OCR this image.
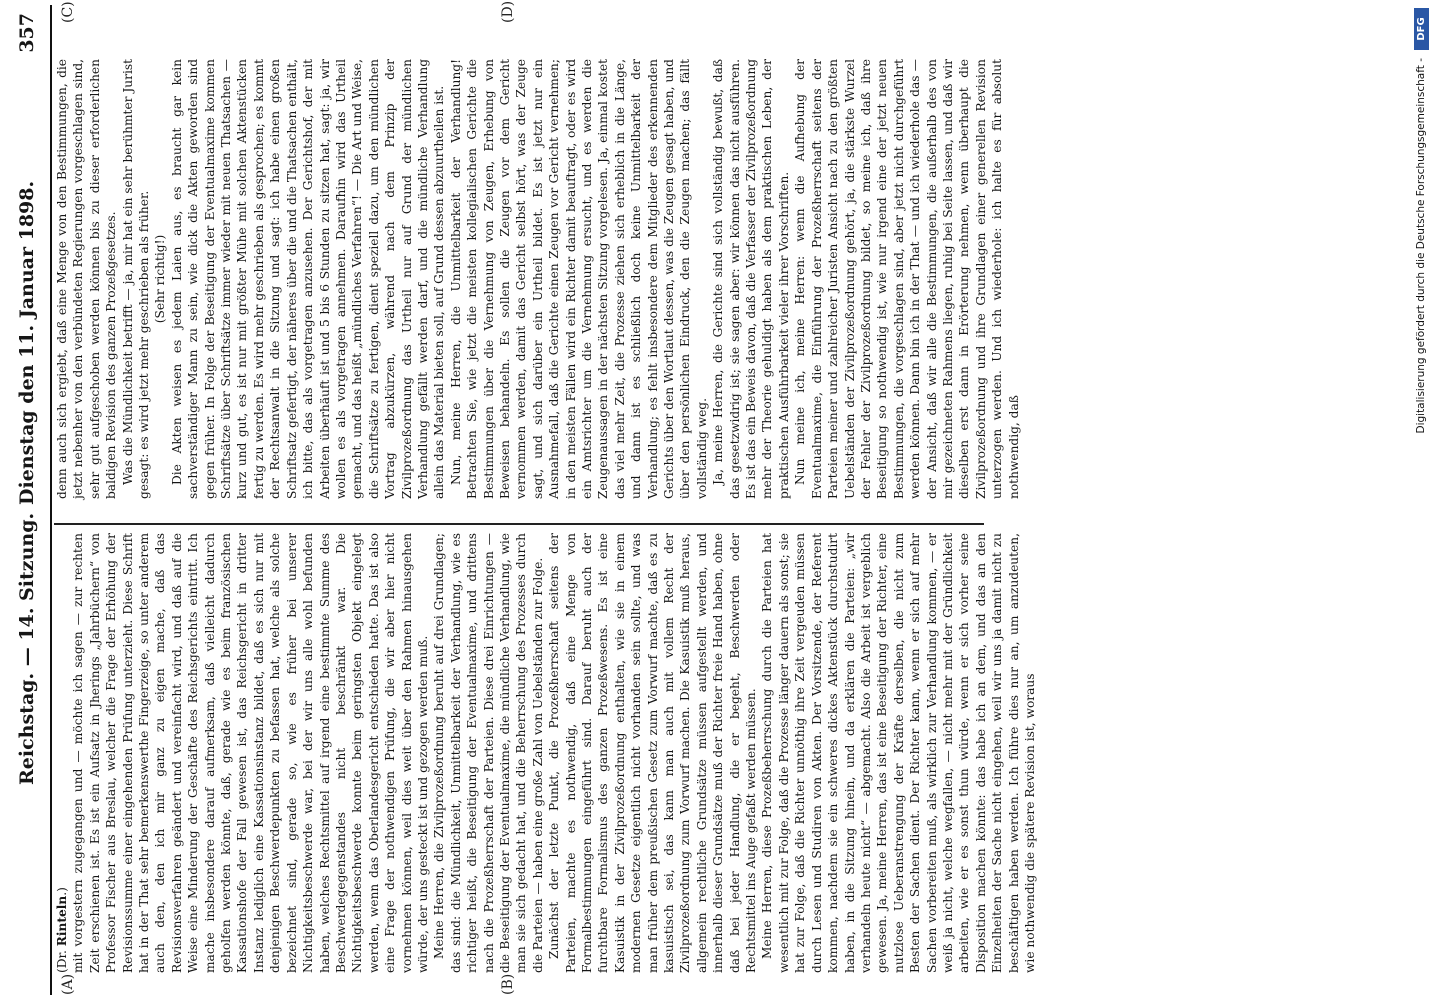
Reichstag. — 14. Sitzung.
Dienstag den 11. Januar 1898.
357
(A)	(B)
(C)	(D)
(Dr. Rinteln.) mit vorgestern zugegangen und — möchte ich sagen — zur rechten Zeit erschienen ist. Es ist ein Aufsatz in Jherings „Jahrbüchern“ von Professor Fischer aus Breslau, welcher die Frage der Erhöhung der Revisionssumme einer eingehenden Prüfung unterzieht. Diese Schrift hat in der That sehr bemerkenswerthe Fingerzeige, so unter anderem auch den, den ich mir ganz zu eigen mache, daß das Revisionsverfahren geändert und vereinfacht wird, und daß auf die Weise eine Minderung der Geschäfte des Reichsgerichts eintritt. Ich mache insbesondere darauf aufmerksam, daß vielleicht dadurch geholfen werden könnte, daß, gerade wie es beim französischen Kassationshofe der Fall gewesen ist, das Reichsgericht in dritter Instanz lediglich eine Kassationsinstanz bildet, daß es sich nur mit denjenigen Beschwerdepunkten zu befassen hat, welche als solche bezeichnet sind, gerade so, wie es früher bei unserer Nichtigkeitsbeschwerde war, bei der wir uns alle wohl befunden haben, welches Rechtsmittel auf irgend eine bestimmte Summe des Beschwerdegegenstandes nicht beschränkt war. Die Nichtigkeitsbeschwerde konnte beim geringsten Objekt eingelegt werden, wenn das Oberlandesgericht entschieden hatte. Das ist also eine Frage der nothwendigen Prüfung, die wir aber hier nicht vornehmen können, weil dies weit über den Rahmen hinausgehen würde, der uns gesteckt ist und gezogen werden muß. Meine Herren, die Zivilprozeßordnung beruht auf drei Grundlagen; das sind: die Mündlichkeit, Unmittelbarkeit der Verhandlung, wie es richtiger heißt, die Beseitigung der Eventualmaxime, und drittens nach die Prozeßherrschaft der Parteien. Diese drei Einrichtungen — die Beseitigung der Eventualmaxime, die mündliche Verhandlung, wie man sie sich gedacht hat, und die Beherrschung des Prozesses durch die Parteien — haben eine große Zahl von Uebelständen zur Folge. Zunächst der letzte Punkt, die Prozeßherrschaft seitens der Parteien, machte es nothwendig, daß eine Menge von Formalbestimmungen eingeführt sind. Darauf beruht auch der furchtbare Formalismus des ganzen Prozeßwesens. Es ist eine Kasuistik in der Zivilprozeßordnung enthalten, wie sie in einem modernen Gesetze eigentlich nicht vorhanden sein sollte, und was man früher dem preußischen Gesetz zum Vorwurf machte, daß es zu kasuistisch sei, das kann man auch mit vollem Recht der Zivilprozeßordnung zum Vorwurf machen. Die Kasuistik muß heraus, allgemein rechtliche Grundsätze müssen aufgestellt werden, und innerhalb dieser Grundsätze muß der Richter freie Hand haben, ohne daß bei jeder Handlung, die er begeht, Beschwerden oder Rechtsmittel ins Auge gefaßt werden müssen. Meine Herren, diese Prozeßbeherrschung durch die Parteien hat wesentlich mit zur Folge, daß die Prozesse länger dauern als sonst; sie hat zur Folge, daß die Richter unnöthig ihre Zeit vergeuden müssen durch Lesen und Studiren von Akten. Der Vorsitzende, der Referent kommen, nachdem sie ein schweres dickes Aktenstück durchstudirt haben, in die Sitzung hinein, und da erklären die Parteien: „wir verhandeln heute nicht“ — abgemacht. Also die Arbeit ist vergeblich gewesen. Ja, meine Herren, das ist eine Beseitigung der Richter, eine nutzlose Ueberanstrengung der Kräfte derselben, die nicht zum Besten der Sachen dient. Der Richter kann, wenn er sich auf mehr Sachen vorbereiten muß, als wirklich zur Verhandlung kommen, — er weiß ja nicht, welche wegfallen, — nicht mehr mit der Gründlichkeit arbeiten, wie er es sonst thun würde, wenn er sich vorher seine Disposition machen könnte: das habe ich an dem, und das an den Einzelheiten der Sache nicht eingehen, weil wir uns ja damit nicht zu beschäftigen haben werden. Ich führe dies nur an, um anzudeuten, wie nothwendig die spätere Revision ist, woraus

denn auch sich ergiebt, daß eine Menge von den Bestimmungen, die jetzt nebenher von den verbündeten Regierungen vorgeschlagen sind, sehr gut aufgeschoben werden können bis zu dieser erforderlichen baldigen Revision des ganzen Prozeßgesetzes. Was die Mündlichkeit betrifft — ja, mir hat ein sehr berühmter Jurist gesagt: es wird jetzt mehr geschrieben als früher. (Sehr richtig!) Die Akten weisen es jedem Laien aus, es braucht gar kein sachverständiger Mann zu sein, wie dick die Akten geworden sind gegen früher. In Folge der Beseitigung der Eventualmaxime kommen Schriftsätze über Schriftsätze immer wieder mit neuen Thatsachen — kurz und gut, es ist nur mit größter Mühe mit solchen Aktenstücken fertig zu werden. Es wird mehr geschrieben als gesprochen; es kommt der Rechtsanwalt in die Sitzung und sagt: ich habe einen großen Schriftsatz gefertigt, der näheres über die und die Thatsachen enthält, ich bitte, das als vorgetragen anzusehen. Der Gerichtshof, der mit Arbeiten überhäuft ist und 5 bis 6 Stunden zu sitzen hat, sagt: ja, wir wollen es als vorgetragen annehmen. Daraufhin wird das Urtheil gemacht, und das heißt „mündliches Verfahren“! — Die Art und Weise, die Schriftsätze zu fertigen, dient speziell dazu, um den mündlichen Vortrag abzukürzen, während nach dem Prinzip der Zivilprozeßordnung das Urtheil nur auf Grund der mündlichen Verhandlung gefällt werden darf, und die mündliche Verhandlung allein das Material bieten soll, auf Grund dessen abzuurtheilen ist. Nun, meine Herren, die Unmittelbarkeit der Verhandlung! Betrachten Sie, wie jetzt die meisten kollegialischen Gerichte die Bestimmungen über die Vernehmung von Zeugen, Erhebung von Beweisen behandeln. Es sollen die Zeugen vor dem Gericht vernommen werden, damit das Gericht selbst hört, was der Zeuge sagt, und sich darüber ein Urtheil bildet. Es ist jetzt nur ein Ausnahmefall, daß die Gerichte einen Zeugen vor Gericht vernehmen; in den meisten Fällen wird ein Richter damit beauftragt, oder es wird ein Amtsrichter um die Vernehmung ersucht, und es werden die Zeugenaussagen in der nächsten Sitzung vorgelesen. Ja, einmal kostet das viel mehr Zeit, die Prozesse ziehen sich erheblich in die Länge, und dann ist es schließlich doch keine Unmittelbarkeit der Verhandlung; es fehlt insbesondere dem Mitglieder des erkennenden Gerichts über den Wortlaut dessen, was die Zeugen gesagt haben, und über den persönlichen Eindruck, den die Zeugen machen; das fällt vollständig weg. Ja, meine Herren, die Gerichte sind sich vollständig bewußt, daß das gesetzwidrig ist; sie sagen aber: wir können das nicht ausführen. Es ist das ein Beweis davon, daß die Verfasser der Zivilprozeßordnung mehr der Theorie gehuldigt haben als dem praktischen Leben, der praktischen Ausführbarkeit vieler ihrer Vorschriften. Nun meine ich, meine Herren: wenn die Aufhebung der Eventualmaxime, die Einführung der Prozeßherrschaft seitens der Parteien meiner und zahlreicher Juristen Ansicht nach zu den größten Uebelständen der Zivilprozeßordnung gehört, ja, die stärkste Wurzel der Fehler der Zivilprozeßordnung bildet, so meine ich, daß ihre Beseitigung so nothwendig ist, wie nur irgend eine der jetzt neuen Bestimmungen, die vorgeschlagen sind, aber jetzt nicht durchgeführt werden können. Dann bin ich in der That — und ich wiederhole das — der Ansicht, daß wir alle die Bestimmungen, die außerhalb des von mir gezeichneten Rahmens liegen, ruhig bei Seite lassen, und daß wir dieselben erst dann in Erörterung nehmen, wenn überhaupt die Zivilprozeßordnung und ihre Grundlagen einer generellen Revision unterzogen werden. Und ich wiederhole: ich halte es für absolut nothwendig, daß

Digitalisierung gefördert durch die Deutsche Forschungsgemeinschaft -
DFG
